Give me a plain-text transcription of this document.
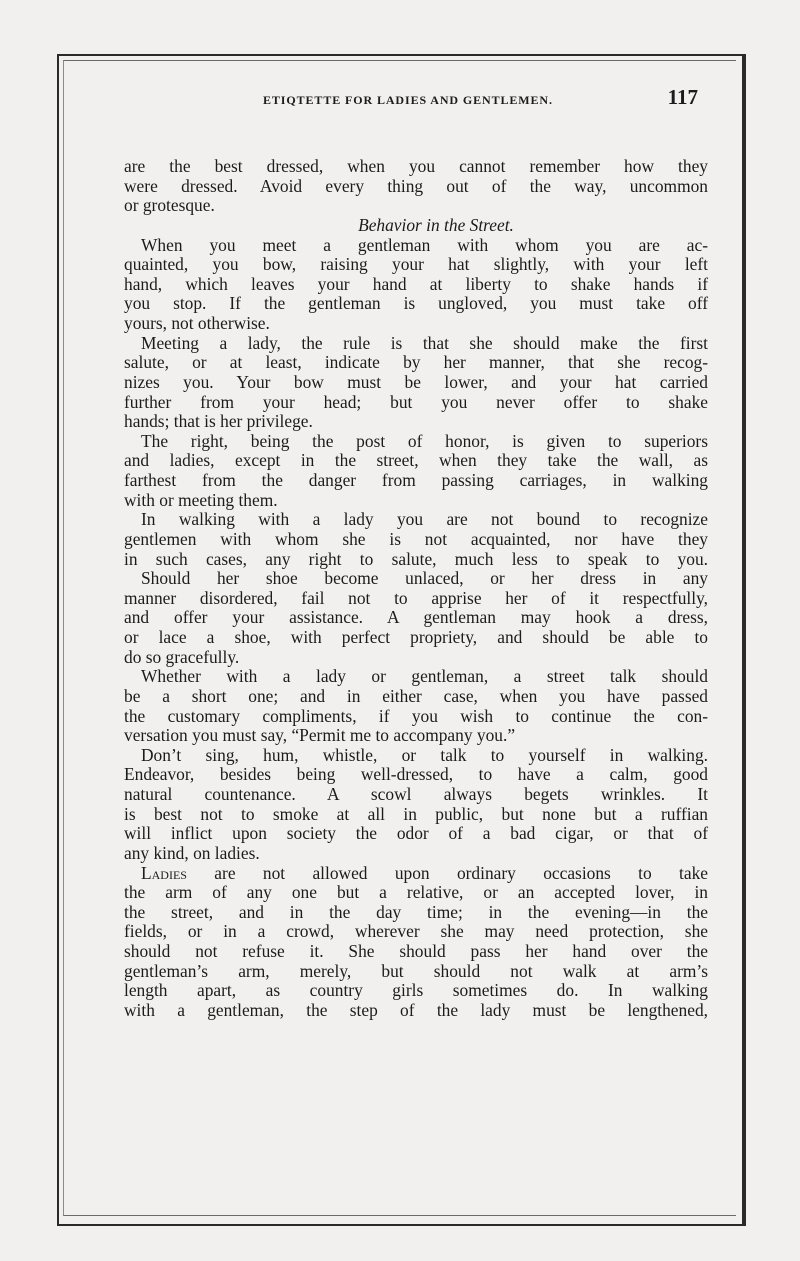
ETIQTETTE FOR LADIES AND GENTLEMEN.	117
are the best dressed, when you cannot remember how they
were dressed. Avoid every thing out of the way, uncommon
or grotesque.
Behavior in the Street.
When you meet a gentleman with whom you are ac-
quainted, you bow, raising your hat slightly, with your left
hand, which leaves your hand at liberty to shake hands if
you stop. If the gentleman is ungloved, you must take off
yours, not otherwise.
Meeting a lady, the rule is that she should make the first
salute, or at least, indicate by her manner, that she recog-
nizes you. Your bow must be lower, and your hat carried
further from your head; but you never offer to shake
hands; that is her privilege.
The right, being the post of honor, is given to superiors
and ladies, except in the street, when they take the wall, as
farthest from the danger from passing carriages, in walking
with or meeting them.
In walking with a lady you are not bound to recognize
gentlemen with whom she is not acquainted, nor have they
in such cases, any right to salute, much less to speak to you.
Should her shoe become unlaced, or her dress in any
manner disordered, fail not to apprise her of it respectfully,
and offer your assistance. A gentleman may hook a dress,
or lace a shoe, with perfect propriety, and should be able to
do so gracefully.
Whether with a lady or gentleman, a street talk should
be a short one; and in either case, when you have passed
the customary compliments, if you wish to continue the con-
versation you must say, “Permit me to accompany you.”
Don’t sing, hum, whistle, or talk to yourself in walking.
Endeavor, besides being well-dressed, to have a calm, good
natural countenance. A scowl always begets wrinkles. It
is best not to smoke at all in public, but none but a ruffian
will inflict upon society the odor of a bad cigar, or that of
any kind, on ladies.
Ladies are not allowed upon ordinary occasions to take
the arm of any one but a relative, or an accepted lover, in
the street, and in the day time; in the evening—in the
fields, or in a crowd, wherever she may need protection, she
should not refuse it. She should pass her hand over the
gentleman’s arm, merely, but should not walk at arm’s
length apart, as country girls sometimes do. In walking
with a gentleman, the step of the lady must be lengthened,
